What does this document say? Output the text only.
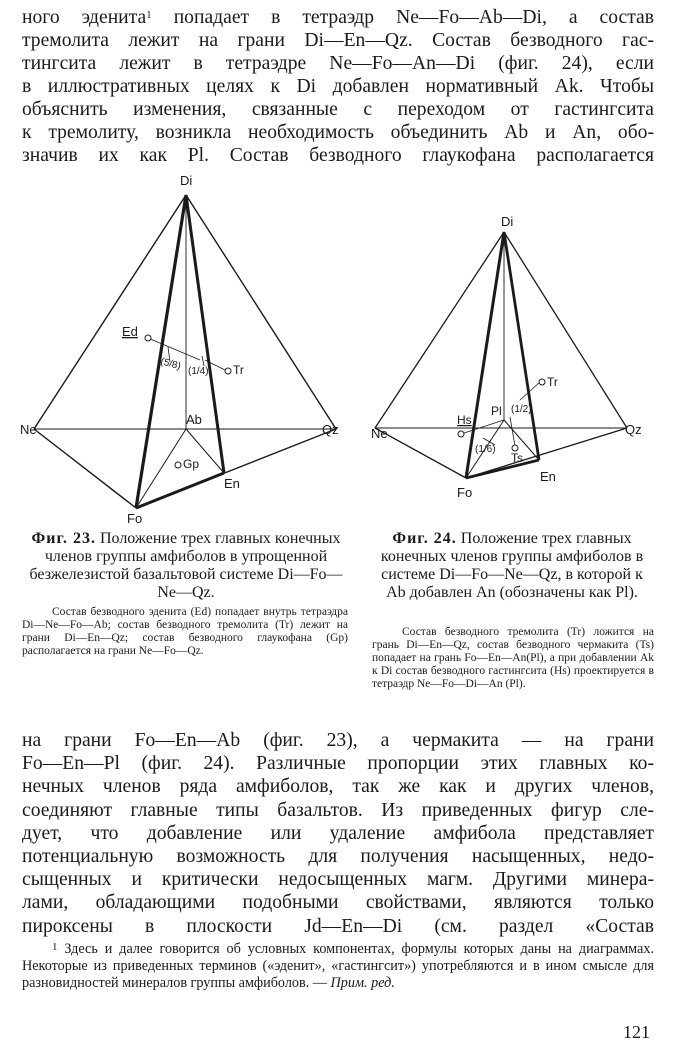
ного эденита$^1$ попадает в тетраэдр Ne—Fo—Ab—Di, а состав
тремолита лежит на грани Di—En—Qz. Состав безводного гас-
тингсита лежит в тетраэдре Ne—Fo—An—Di (фиг. 24), если
в иллюстративных целях к Di добавлен нормативный Ak. Чтобы
объяснить изменения, связанные с переходом от гастингсита
к тремолиту, возникла необходимость объединить Ab и An, обо-
значив их как Pl. Состав безводного глаукофана располагается
Di
Ne	Qz
Fo
En
Ab
Ed
Tr
Gp
(5/8) (1/4)
Di
Ne	Qz
Fo
En
Pl
Hs
Tr
Ts
(1/2)
(1/6)
Фиг. 23. Положение трех главных конечных членов группы амфиболов в упрощенной безжелезистой базальтовой системе Di—Fo—Ne—Qz.
Состав безводного эденита (Ed) попадает внутрь тетраэдра Di—Ne—Fo—Ab; состав безводного тремолита (Tr) лежит на грани Di—En—Qz; состав безводного глаукофана (Gp) располагается на грани Ne—Fo—Qz.
Фиг. 24. Положение трех главных конечных членов группы амфиболов в системе Di—Fo—Ne—Qz, в которой к Ab добавлен An (обозначены как Pl).
Состав безводного тремолита (Tr) ложится на грань Di—En—Qz, состав безводного чермакита (Ts) попадает на грань Fo—En—An(Pl), а при добавлении Ak к Di состав безводного гастингсита (Hs) проектируется в тетраэдр Ne—Fo—Di—An (Pl).
на грани Fo—En—Ab (фиг. 23), а чермакита — на грани
Fo—En—Pl (фиг. 24). Различные пропорции этих главных ко-
нечных членов ряда амфиболов, так же как и других членов,
соединяют главные типы базальтов. Из приведенных фигур сле-
дует, что добавление или удаление амфибола представляет
потенциальную возможность для получения насыщенных, недо-
сыщенных и критически недосыщенных магм. Другими минера-
лами, обладающими подобными свойствами, являются только
пироксены в плоскости Jd—En—Di (см. раздел «Состав
$^1$ Здесь и далее говорится об условных компонентах, формулы которых даны на диаграммах. Некоторые из приведенных терминов («эденит», «гастингсит») употребляются и в ином смысле для разновидностей минералов группы амфиболов. — Прим. ред.
121
